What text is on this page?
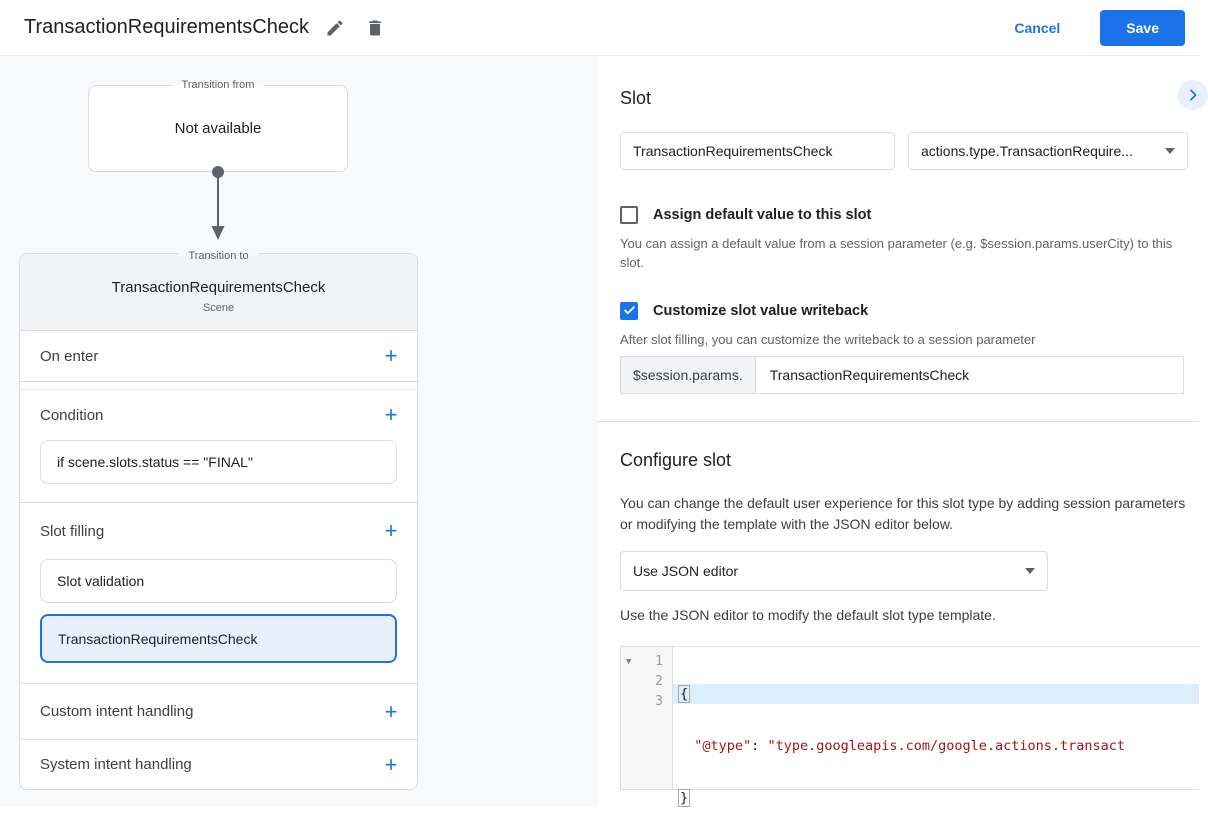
TransactionRequirementsCheck	Cancel	Save
Transition from
Not available
Transition to
TransactionRequirementsCheck
Scene
On enter	+
Condition	+
if scene.slots.status == "FINAL"
Slot filling	+
Slot validation
TransactionRequirementsCheck
Custom intent handling	+
System intent handling	+
Slot
TransactionRequirementsCheck
actions.type.TransactionRequire...
Assign default value to this slot
You can assign a default value from a session parameter (e.g. $session.params.userCity) to this slot.
Customize slot value writeback
After slot filling, you can customize the writeback to a session parameter
$session.params.
TransactionRequirementsCheck
Configure slot
You can change the default user experience for this slot type by adding session parameters or modifying the template with the JSON editor below.
Use JSON editor
Use the JSON editor to modify the default slot type template.
▼ 1
2
3

	{

"@type": "type.googleapis.com/google.actions.transact

}
